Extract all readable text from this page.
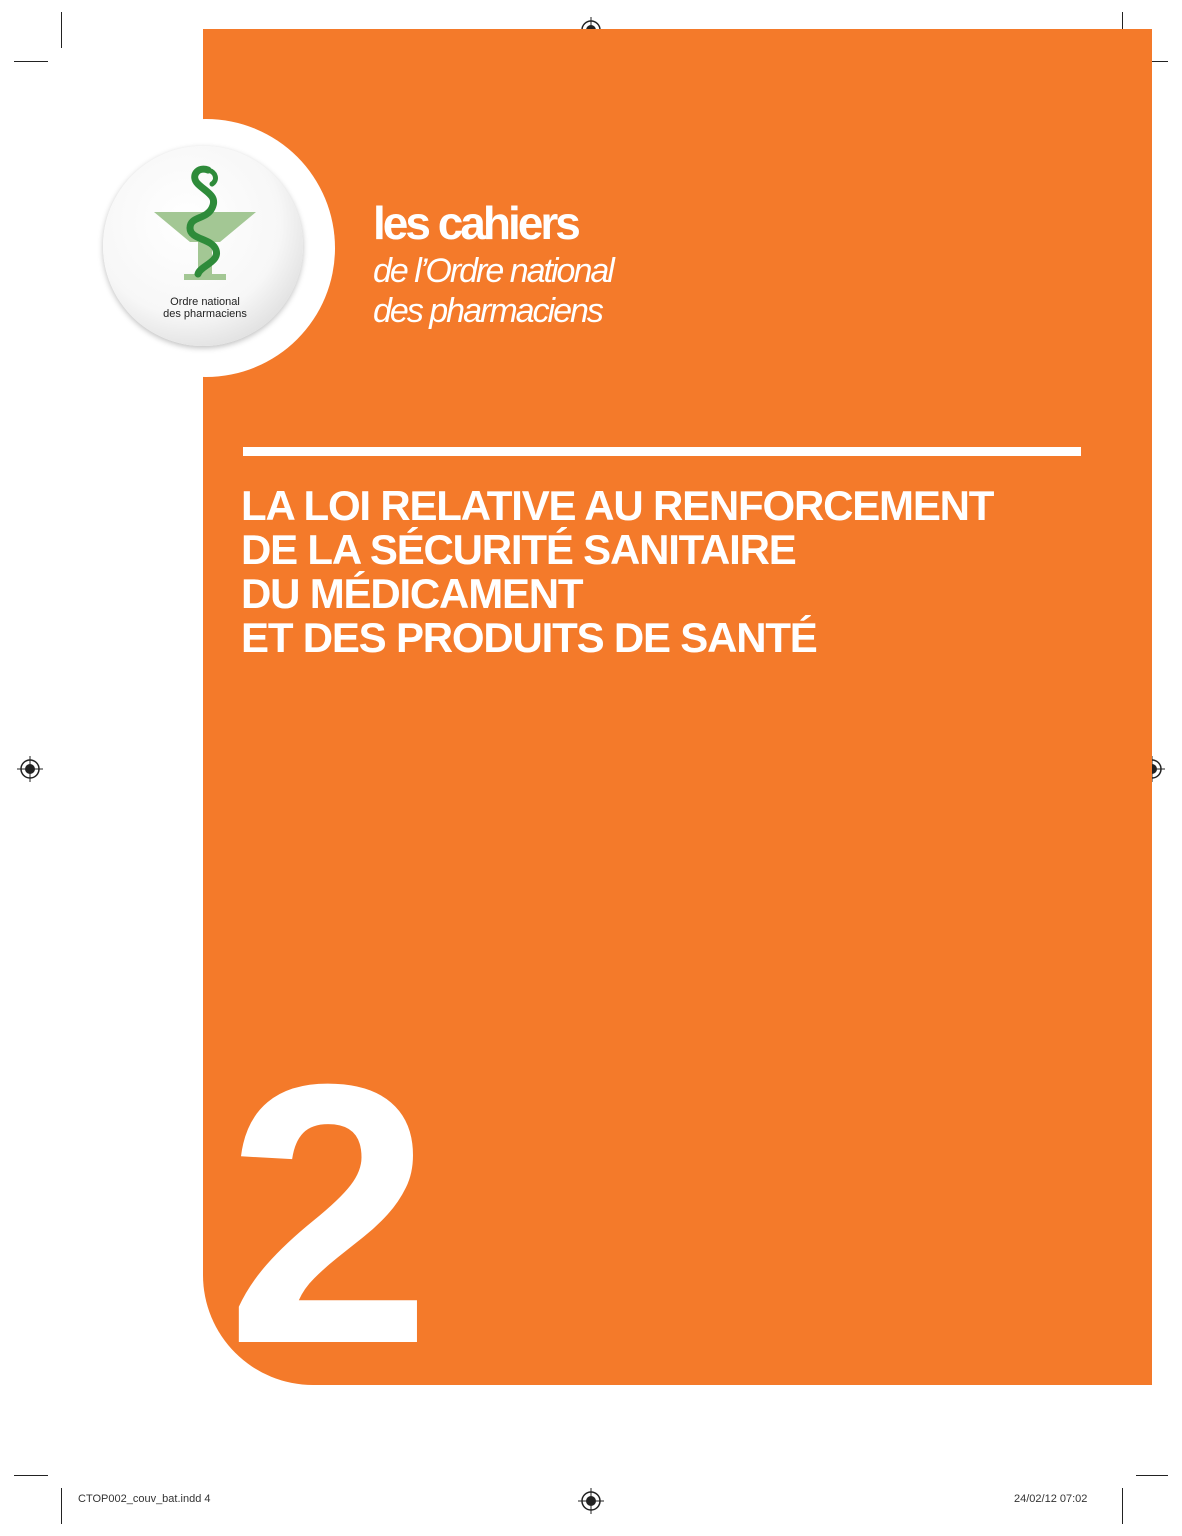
Ordre national
des pharmaciens
les cahiers
de l’Ordre national
des pharmaciens
LA LOI RELATIVE AU RENFORCEMENT
DE LA SÉCURITÉ SANITAIRE
DU MÉDICAMENT
ET DES PRODUITS DE SANTÉ
2
CTOP002_couv_bat.indd 4	24/02/12 07:02
